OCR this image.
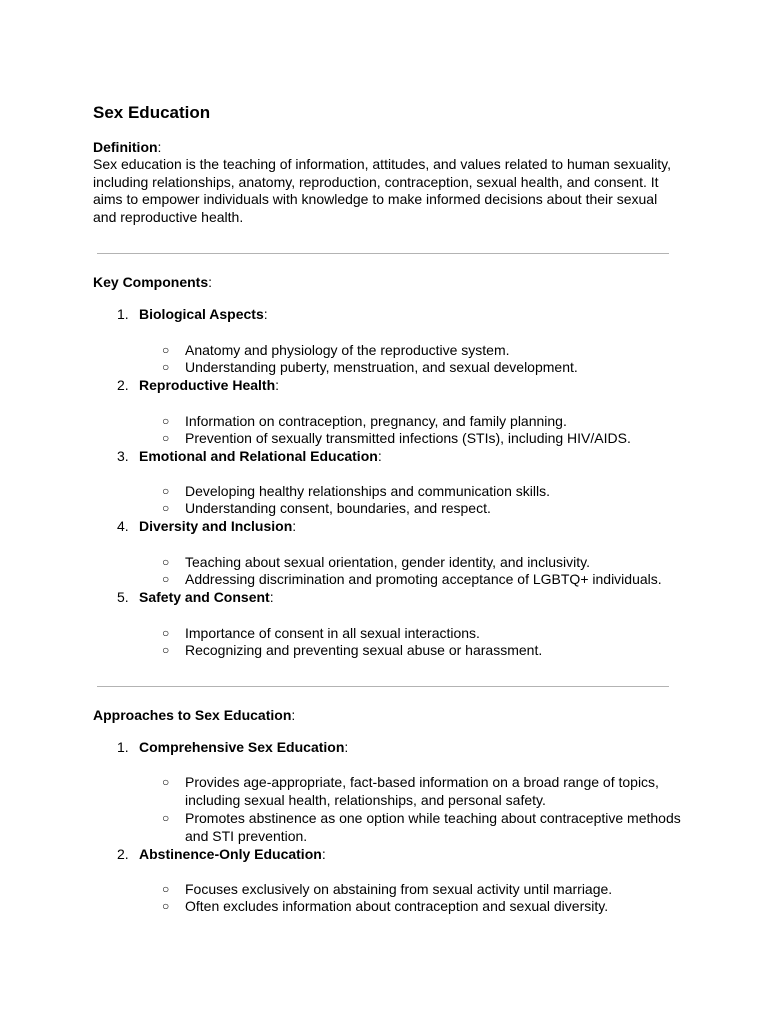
Sex Education
Definition:
Sex education is the teaching of information, attitudes, and values related to human sexuality, including relationships, anatomy, reproduction, contraception, sexual health, and consent. It aims to empower individuals with knowledge to make informed decisions about their sexual and reproductive health.
Key Components:
1. Biological Aspects:
○ Anatomy and physiology of the reproductive system.
○ Understanding puberty, menstruation, and sexual development.
2. Reproductive Health:
○ Information on contraception, pregnancy, and family planning.
○ Prevention of sexually transmitted infections (STIs), including HIV/AIDS.
3. Emotional and Relational Education:
○ Developing healthy relationships and communication skills.
○ Understanding consent, boundaries, and respect.
4. Diversity and Inclusion:
○ Teaching about sexual orientation, gender identity, and inclusivity.
○ Addressing discrimination and promoting acceptance of LGBTQ+ individuals.
5. Safety and Consent:
○ Importance of consent in all sexual interactions.
○ Recognizing and preventing sexual abuse or harassment.
Approaches to Sex Education:
1. Comprehensive Sex Education:
○ Provides age-appropriate, fact-based information on a broad range of topics, including sexual health, relationships, and personal safety.
○ Promotes abstinence as one option while teaching about contraceptive methods and STI prevention.
2. Abstinence-Only Education:
○ Focuses exclusively on abstaining from sexual activity until marriage.
○ Often excludes information about contraception and sexual diversity.
